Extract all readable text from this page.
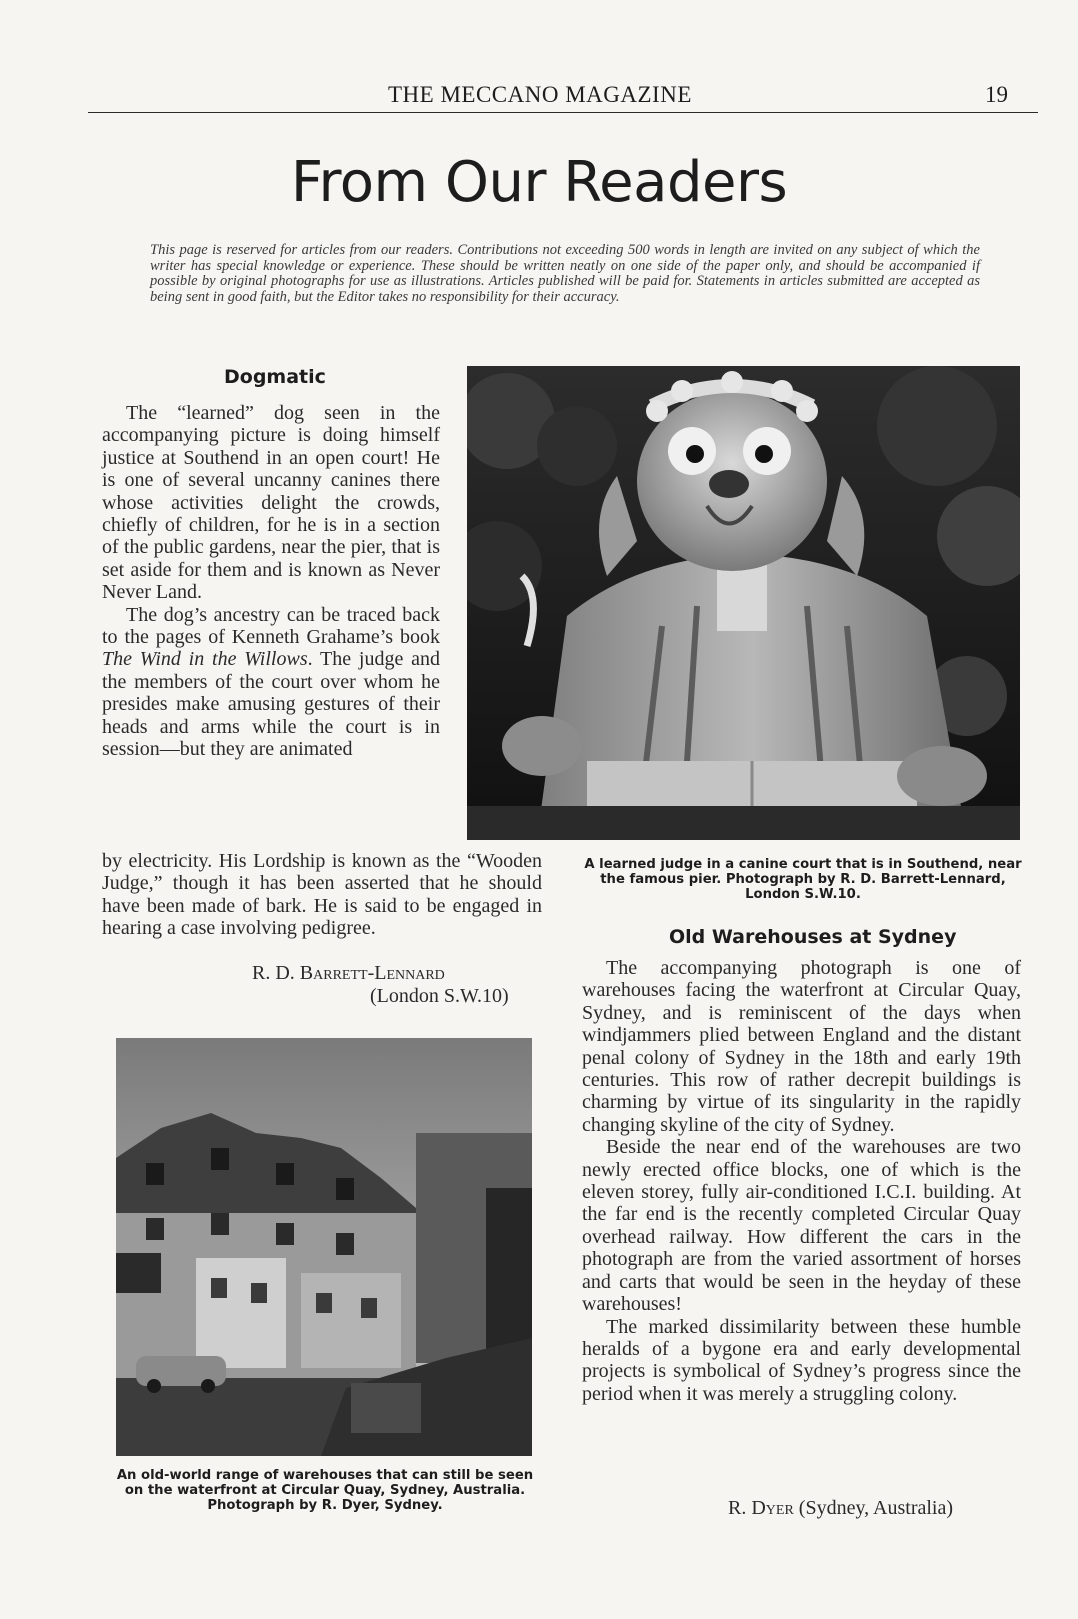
THE MECCANO MAGAZINE	19
From Our Readers
This page is reserved for articles from our readers. Contributions not exceeding 500 words in length are invited on any subject of which the writer has special knowledge or experience. These should be written neatly on one side of the paper only, and should be accompanied if possible by original photographs for use as illustrations. Articles published will be paid for. Statements in articles submitted are accepted as being sent in good faith, but the Editor takes no responsibility for their accuracy.
Dogmatic

The “learned” dog seen in the accompanying picture is doing himself justice at Southend in an open court! He is one of several uncanny canines there whose activities delight the crowds, chiefly of children, for he is in a section of the public gardens, near the pier, that is set aside for them and is known as Never Never Land.

The dog’s ancestry can be traced back to the pages of Kenneth Grahame’s book The Wind in the Willows. The judge and the members of the court over whom he presides make amusing gestures of their heads and arms while the court is in session—but they are animated

by electricity. His Lordship is known as the “Wooden Judge,” though it has been asserted that he should have been made of bark. He is said to be engaged in hearing a case involving pedigree.

R. D. Barrett-Lennard
(London S.W.10)
A learned judge in a canine court that is in Southend, near the famous pier. Photograph by R. D. Barrett-Lennard, London S.W.10.
Old Warehouses at Sydney

The accompanying photograph is one of warehouses facing the waterfront at Circular Quay, Sydney, and is reminiscent of the days when windjammers plied between England and the distant penal colony of Sydney in the 18th and early 19th centuries. This row of rather decrepit buildings is charming by virtue of its singularity in the rapidly changing skyline of the city of Sydney.

Beside the near end of the warehouses are two newly erected office blocks, one of which is the eleven storey, fully air-conditioned I.C.I. building. At the far end is the recently completed Circular Quay overhead railway. How different the cars in the photograph are from the varied assortment of horses and carts that would be seen in the heyday of these warehouses!

The marked dissimilarity between these humble heralds of a bygone era and early developmental projects is symbolical of Sydney’s progress since the period when it was merely a struggling colony.

R. Dyer (Sydney, Australia)
An old-world range of warehouses that can still be seen on the waterfront at Circular Quay, Sydney, Australia. Photograph by R. Dyer, Sydney.
